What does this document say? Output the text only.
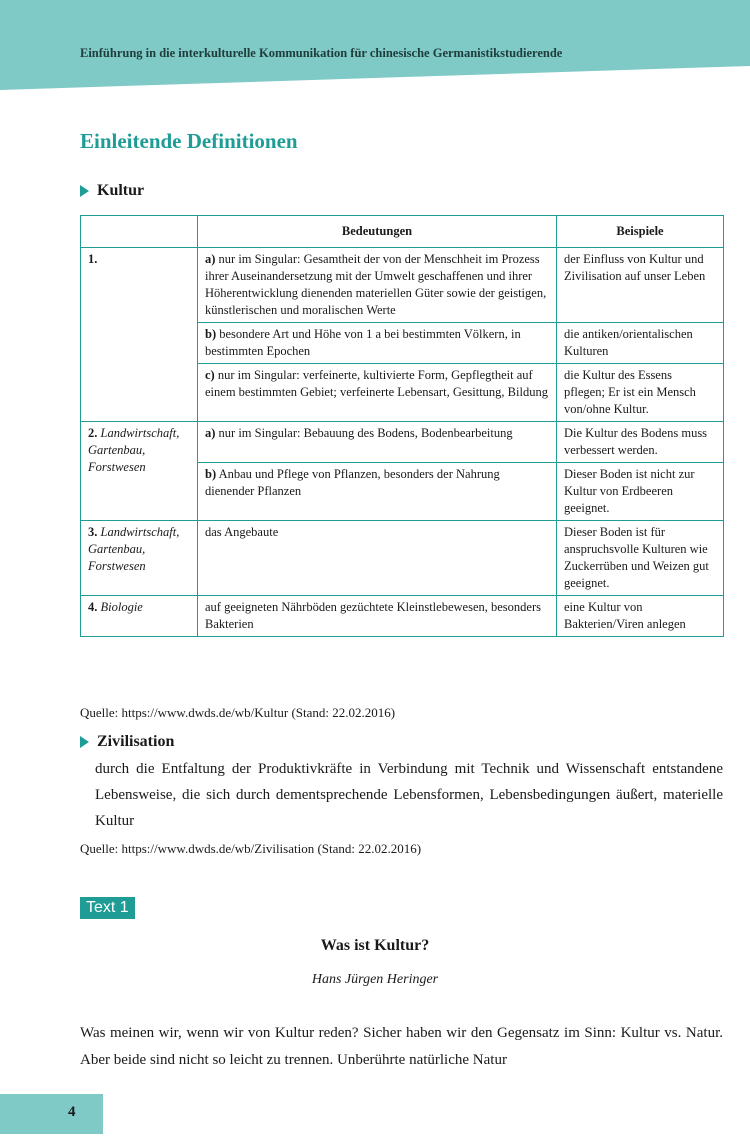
Einführung in die interkulturelle Kommunikation für chinesische Germanistikstudierende
Einleitende Definitionen
Kultur
	Bedeutungen	Beispiele
1.	a) nur im Singular: Gesamtheit der von der Menschheit im Prozess ihrer Auseinandersetzung mit der Umwelt geschaffenen und ihrer Höherentwicklung dienenden materiellen Güter sowie der geistigen, künstlerischen und moralischen Werte	der Einfluss von Kultur und Zivilisation auf unser Leben
	b) besondere Art und Höhe von 1 a bei bestimmten Völkern, in bestimmten Epochen	die antiken/orientalischen Kulturen
	c) nur im Singular: verfeinerte, kultivierte Form, Gepflegtheit auf einem bestimmten Gebiet; verfeinerte Lebensart, Gesittung, Bildung	die Kultur des Essens pflegen; Er ist ein Mensch von/ohne Kultur.
2. Landwirtschaft,
Gartenbau,
Forstwesen	a) nur im Singular: Bebauung des Bodens, Bodenbearbeitung	Die Kultur des Bodens muss verbessert werden.
	b) Anbau und Pflege von Pflanzen, besonders der Nahrung dienender Pflanzen	Dieser Boden ist nicht zur Kultur von Erdbeeren geeignet.
3. Landwirtschaft,
Gartenbau,
Forstwesen	das Angebaute	Dieser Boden ist für anspruchsvolle Kulturen wie Zuckerrüben und Weizen gut geeignet.
4. Biologie	auf geeigneten Nährböden gezüchtete Kleinstlebewesen, besonders Bakterien	eine Kultur von Bakterien/Viren anlegen
Quelle: https://www.dwds.de/wb/Kultur (Stand: 22.02.2016)
Zivilisation
durch die Entfaltung der Produktivkräfte in Verbindung mit Technik und Wissenschaft entstandene Lebensweise, die sich durch dementsprechende Lebensformen, Lebensbedingungen äußert, materielle Kultur
Quelle: https://www.dwds.de/wb/Zivilisation (Stand: 22.02.2016)
Text 1
Was ist Kultur?
Hans Jürgen Heringer
Was meinen wir, wenn wir von Kultur reden? Sicher haben wir den Gegensatz im Sinn: Kultur vs. Natur. Aber beide sind nicht so leicht zu trennen. Unberührte natürliche Natur
4
